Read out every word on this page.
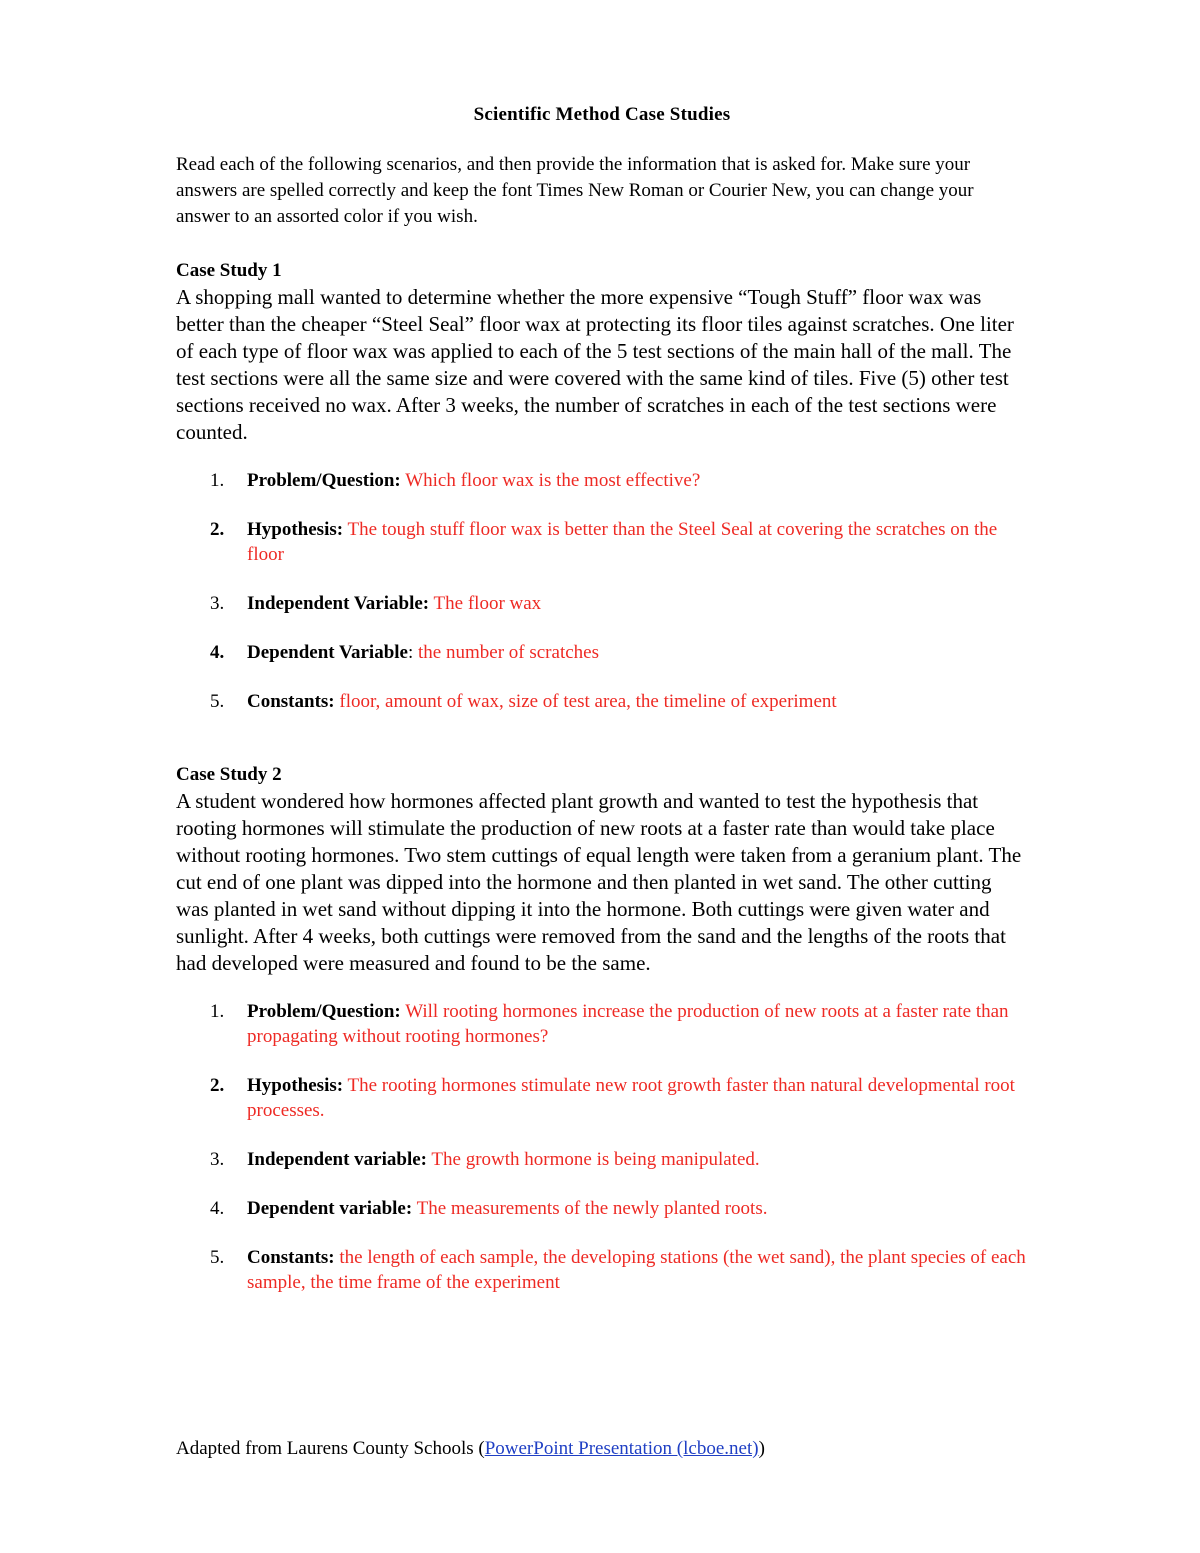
Scientific Method Case Studies

Read each of the following scenarios, and then provide the information that is asked for. Make sure your answers are spelled correctly and keep the font Times New Roman or Courier New, you can change your answer to an assorted color if you wish.

Case Study 1

A shopping mall wanted to determine whether the more expensive “Tough Stuff” floor wax was better than the cheaper “Steel Seal” floor wax at protecting its floor tiles against scratches. One liter of each type of floor wax was applied to each of the 5 test sections of the main hall of the mall. The test sections were all the same size and were covered with the same kind of tiles. Five (5) other test sections received no wax. After 3 weeks, the number of scratches in each of the test sections were counted.

1. Problem/Question: Which floor wax is the most effective?
2. Hypothesis: The tough stuff floor wax is better than the Steel Seal at covering the scratches on the floor
3. Independent Variable: The floor wax
4. Dependent Variable: the number of scratches
5. Constants: floor, amount of wax, size of test area, the timeline of experiment

Case Study 2

A student wondered how hormones affected plant growth and wanted to test the hypothesis that rooting hormones will stimulate the production of new roots at a faster rate than would take place without rooting hormones. Two stem cuttings of equal length were taken from a geranium plant. The cut end of one plant was dipped into the hormone and then planted in wet sand. The other cutting was planted in wet sand without dipping it into the hormone. Both cuttings were given water and sunlight. After 4 weeks, both cuttings were removed from the sand and the lengths of the roots that had developed were measured and found to be the same.

1. Problem/Question: Will rooting hormones increase the production of new roots at a faster rate than propagating without rooting hormones?
2. Hypothesis: The rooting hormones stimulate new root growth faster than natural developmental root processes.
3. Independent variable: The growth hormone is being manipulated.
4. Dependent variable: The measurements of the newly planted roots.
5. Constants: the length of each sample, the developing stations (the wet sand), the plant species of each sample, the time frame of the experiment
Adapted from Laurens County Schools (PowerPoint Presentation (lcboe.net))
